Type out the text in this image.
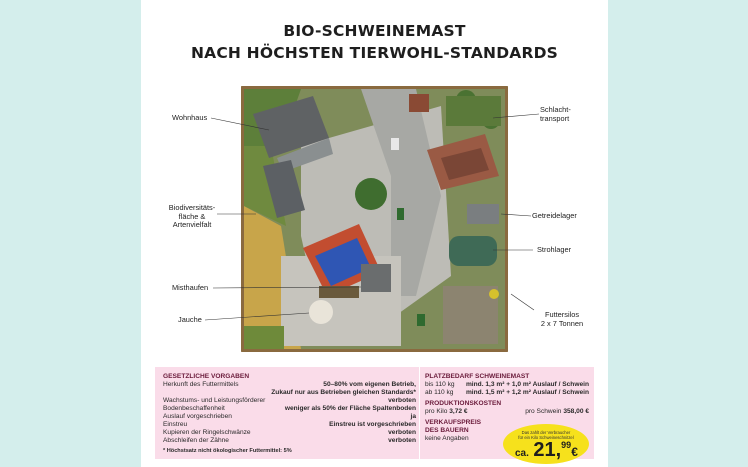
BIO-SCHWEINEMAST
NACH HÖCHSTEN TIERWOHL-STANDARDS
Wohnhaus
Biodiversitäts-
fläche &
Artenvielfalt
Misthaufen
Jauche
Schlacht-
transport
Getreidelager
Strohlager
Futtersilos
2 x 7 Tonnen
GESETZLICHE VORGABEN
Herkunft des Futtermittels	50–80% vom eigenen Betrieb,
Zukauf nur aus Betrieben gleichen Standards*
Wachstums- und Leistungsförderer	verboten
Bodenbeschaffenheit	weniger als 50% der Fläche Spaltenboden
Auslauf vorgeschrieben	ja
Einstreu	Einstreu ist vorgeschrieben
Kupieren der Ringelschwänze	verboten
Abschleifen der Zähne	verboten
* Höchstsatz nicht ökologischer Futtermittel: 5%
PLATZBEDARF SCHWEINEMAST
bis 110 kg mind. 1,3 m² + 1,0 m² Auslauf / Schwein
ab 110 kg mind. 1,5 m² + 1,2 m² Auslauf / Schwein
PRODUKTIONSKOSTEN
pro Kilo 3,72 €	pro Schwein 358,00 €
VERKAUFSPREIS
DES BAUERN
keine Angaben
Das zahlt der Verbraucher
für ein Kilo Schweineschnitzel
ca. 21,99€
